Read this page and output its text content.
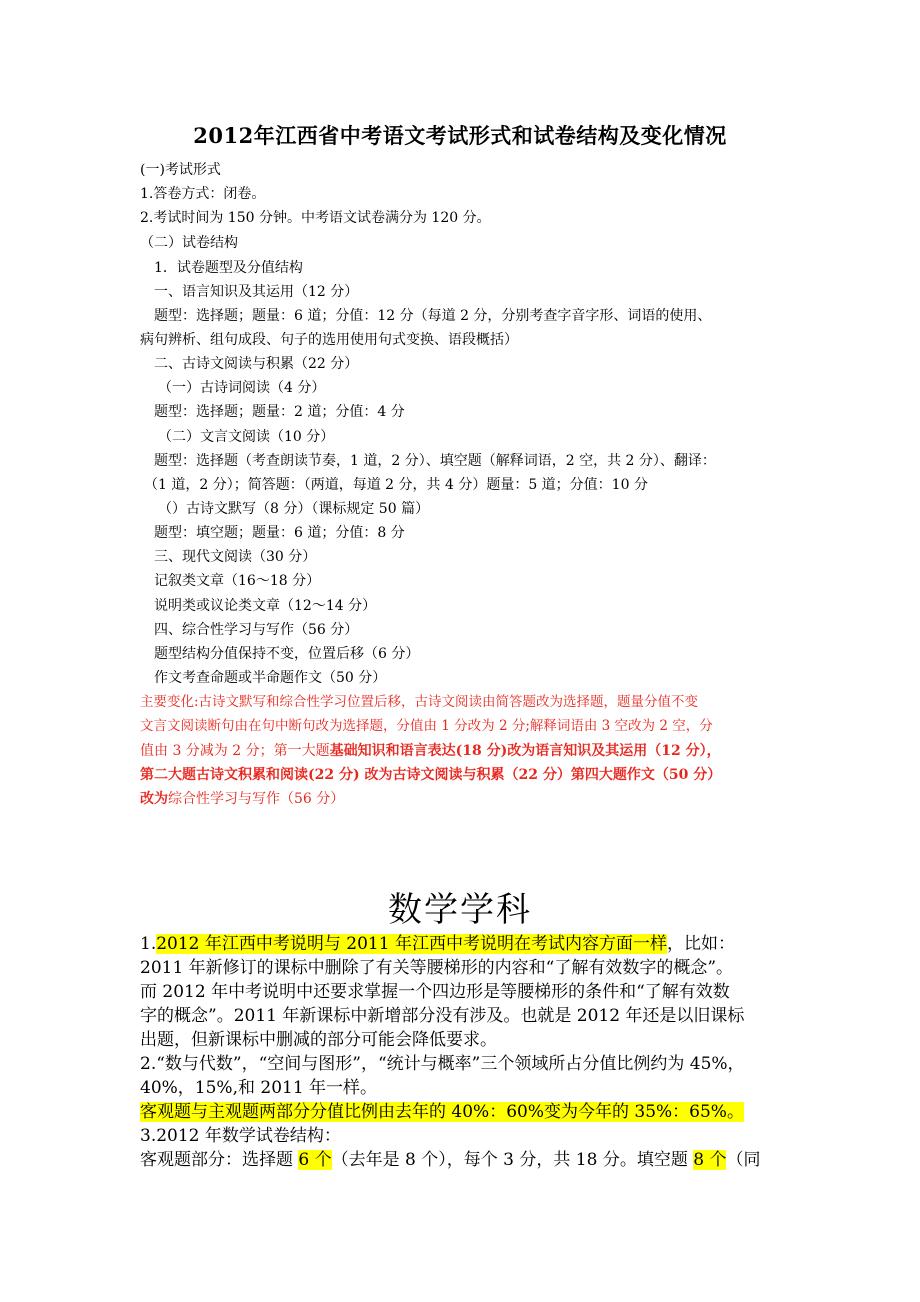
2012年江西省中考语文考试形式和试卷结构及变化情况
(一)考试形式
1.答卷方式：闭卷。
2.考试时间为 150 分钟。中考语文试卷满分为 120 分。
（二）试卷结构
1．试卷题型及分值结构
一、语言知识及其运用（12 分）
题型：选择题；题量：6 道；分值：12 分（每道 2 分，分别考查字音字形、词语的使用、
病句辨析、组句成段、句子的选用使用句式变换、语段概括）
二、古诗文阅读与积累（22 分）
（一）古诗词阅读（4 分）
题型：选择题；题量：2 道；分值：4 分
（二）文言文阅读（10 分）
题型：选择题（考查朗读节奏，1 道，2 分）、填空题（解释词语，2 空，共 2 分）、翻译：
（1 道，2 分）；简答题：（两道，每道 2 分，共 4 分）题量：5 道；分值：10 分
（）古诗文默写（8 分）（课标规定 50 篇）
题型：填空题；题量：6 道；分值：8 分
三、现代文阅读（30 分）
记叙类文章（16～18 分）
说明类或议论类文章（12～14 分）
四、综合性学习与写作（56 分）
题型结构分值保持不变，位置后移（6 分）
作文考查命题或半命题作文（50 分）
主要变化:古诗文默写和综合性学习位置后移，古诗文阅读由简答题改为选择题，题量分值不变
文言文阅读断句由在句中断句改为选择题，分值由 1 分改为 2 分;解释词语由 3 空改为 2 空，分
值由 3 分减为 2 分；第一大题基础知识和语言表达(18 分)改为语言知识及其运用（12 分），
第二大题古诗文积累和阅读(22 分) 改为古诗文阅读与积累（22 分）第四大题作文（50 分）
改为综合性学习与写作（56 分）
数学学科
1.2012 年江西中考说明与 2011 年江西中考说明在考试内容方面一样，比如：
2011 年新修订的课标中删除了有关等腰梯形的内容和“了解有效数字的概念”。
而 2012 年中考说明中还要求掌握一个四边形是等腰梯形的条件和“了解有效数
字的概念”。2011 年新课标中新增部分没有涉及。也就是 2012 年还是以旧课标
出题，但新课标中删减的部分可能会降低要求。
2.“数与代数”，“空间与图形”，“统计与概率”三个领域所占分值比例约为 45%，
40%，15%,和 2011 年一样。
客观题与主观题两部分分值比例由去年的 40%：60%变为今年的 35%：65%。
3.2012 年数学试卷结构：
客观题部分：选择题 6 个（去年是 8 个），每个 3 分，共 18 分。填空题 8 个（同
